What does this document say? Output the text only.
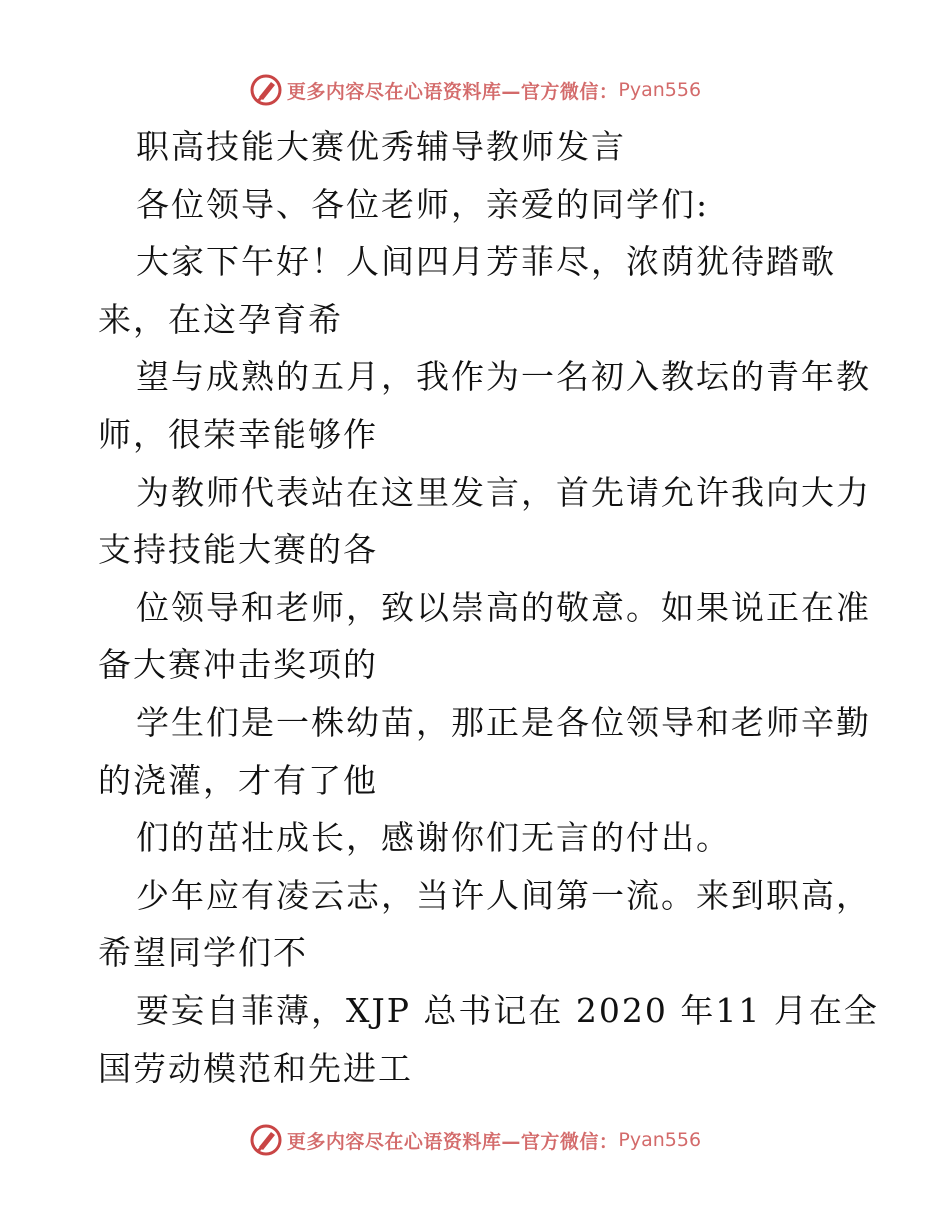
更多内容尽在心语资料库—官方微信： Pyan556
职高技能大赛优秀辅导教师发言
各位领导、各位老师，亲爱的同学们:
大家下午好！人间四月芳菲尽，浓荫犹待踏歌
来，在这孕育希
望与成熟的五月，我作为一名初入教坛的青年教
师，很荣幸能够作
为教师代表站在这里发言，首先请允许我向大力
支持技能大赛的各
位领导和老师，致以崇高的敬意。如果说正在准
备大赛冲击奖项的
学生们是一株幼苗，那正是各位领导和老师辛勤
的浇灌，才有了他
们的茁壮成长，感谢你们无言的付出。
少年应有凌云志，当许人间第一流。来到职高，
希望同学们不
要妄自菲薄，XJP 总书记在 2020 年11 月在全
国劳动模范和先进工
更多内容尽在心语资料库—官方微信： Pyan556
